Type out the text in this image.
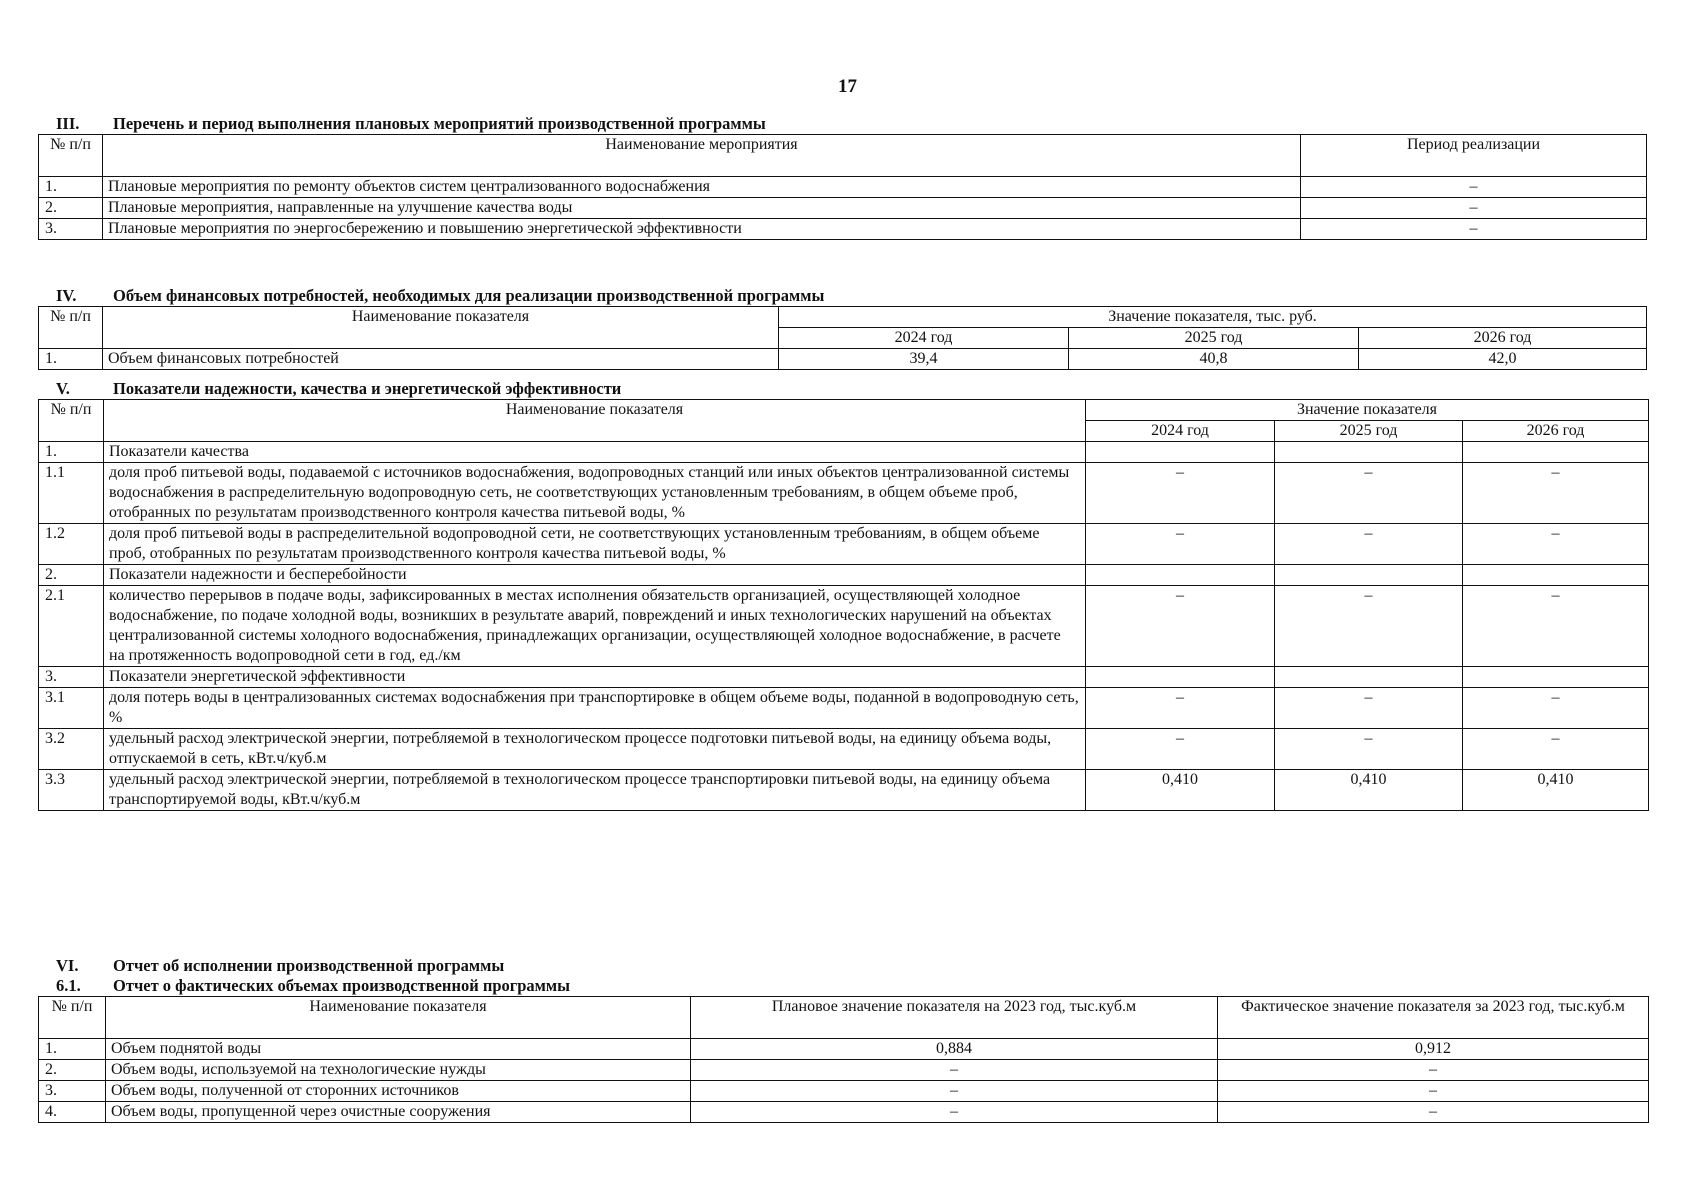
17
III. Перечень и период выполнения плановых мероприятий производственной программы
№ п/п	Наименование мероприятия	Период реализации
1.	Плановые мероприятия по ремонту объектов систем централизованного водоснабжения	–
2.	Плановые мероприятия, направленные на улучшение качества воды	–
3.	Плановые мероприятия по энергосбережению и повышению энергетической эффективности	–
IV. Объем финансовых потребностей, необходимых для реализации производственной программы
№ п/п	Наименование показателя	Значение показателя, тыс. руб.		
		2024 год	2025 год	2026 год
1.	Объем финансовых потребностей	39,4	40,8	42,0
V.	Показатели надежности, качества и энергетической эффективности
№ п/п	Наименование показателя	Значение показателя		
		2024 год	2025 год	2026 год
1.	Показатели качества			
1.1	доля проб питьевой воды, подаваемой с источников водоснабжения, водопроводных станций или иных объектов централизованной системы водоснабжения в распределительную водопроводную сеть, не соответствующих установленным требованиям, в общем объеме проб, отобранных по результатам производственного контроля качества питьевой воды, %	–	–	–
1.2	доля проб питьевой воды в распределительной водопроводной сети, не соответствующих установленным требованиям, в общем объеме проб, отобранных по результатам производственного контроля качества питьевой воды, %	–	–	–
2.	Показатели надежности и бесперебойности			
2.1	количество перерывов в подаче воды, зафиксированных в местах исполнения обязательств организацией, осуществляющей холодное водоснабжение, по подаче холодной воды, возникших в результате аварий, повреждений и иных технологических нарушений на объектах централизованной системы холодного водоснабжения, принадлежащих организации, осуществляющей холодное водоснабжение, в расчете на протяженность водопроводной сети в год, ед./км	–	–	–
3.	Показатели энергетической эффективности			
3.1	доля потерь воды в централизованных системах водоснабжения при транспортировке в общем объеме воды, поданной в водопроводную сеть, %	–	–	–
3.2	удельный расход электрической энергии, потребляемой в технологическом процессе подготовки питьевой воды, на единицу объема воды, отпускаемой в сеть, кВт.ч/куб.м	–	–	–
3.3	удельный расход электрической энергии, потребляемой в технологическом процессе транспортировки питьевой воды, на единицу объема транспортируемой воды, кВт.ч/куб.м	0,410	0,410	0,410
VI. Отчет об исполнении производственной программы
6.1. Отчет о фактических объемах производственной программы
№ п/п	Наименование показателя	Плановое значение показателя на 2023 год, тыс.куб.м	Фактическое значение показателя за 2023 год, тыс.куб.м
1.	Объем поднятой воды	0,884	0,912
2.	Объем воды, используемой на технологические нужды	–	–
3.	Объем воды, полученной от сторонних источников	–	–
4.	Объем воды, пропущенной через очистные сооружения	–	–
